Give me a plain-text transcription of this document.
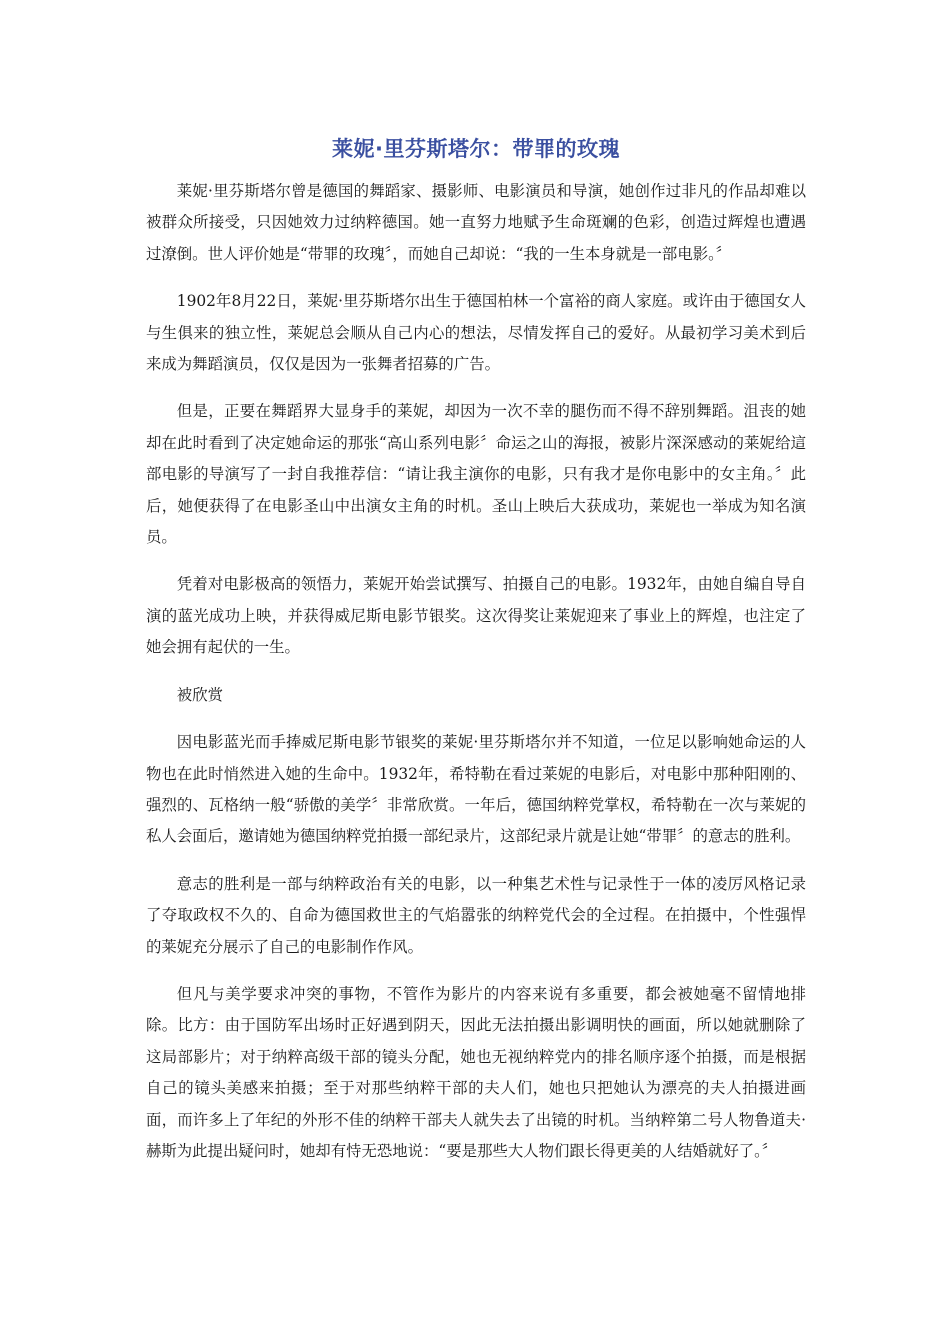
莱妮·里芬斯塔尔：带罪的玫瑰

莱妮·里芬斯塔尔曾是德国的舞蹈家、摄影师、电影演员和导演，她创作过非凡的作品却难以被群众所接受，只因她效力过纳粹德国。她一直努力地赋予生命斑斓的色彩，创造过辉煌也遭遇过潦倒。世人评价她是“带罪的玫瑰〞，而她自己却说：“我的一生本身就是一部电影。〞

1902年8月22日，莱妮·里芬斯塔尔出生于德国柏林一个富裕的商人家庭。或许由于德国女人与生俱来的独立性，莱妮总会顺从自己内心的想法，尽情发挥自己的爱好。从最初学习美术到后来成为舞蹈演员，仅仅是因为一张舞者招募的广告。

但是，正要在舞蹈界大显身手的莱妮，却因为一次不幸的腿伤而不得不辞别舞蹈。沮丧的她却在此时看到了决定她命运的那张“高山系列电影〞命运之山的海报，被影片深深感动的莱妮给這部电影的导演写了一封自我推荐信：“请让我主演你的电影，只有我才是你电影中的女主角。〞此后，她便获得了在电影圣山中出演女主角的时机。圣山上映后大获成功，莱妮也一举成为知名演员。

凭着对电影极高的领悟力，莱妮开始尝试撰写、拍摄自己的电影。1932年，由她自编自导自演的蓝光成功上映，并获得威尼斯电影节银奖。这次得奖让莱妮迎来了事业上的辉煌，也注定了她会拥有起伏的一生。

被欣赏

因电影蓝光而手捧威尼斯电影节银奖的莱妮·里芬斯塔尔并不知道，一位足以影响她命运的人物也在此时悄然进入她的生命中。1932年，希特勒在看过莱妮的电影后，对电影中那种阳刚的、强烈的、瓦格纳一般“骄傲的美学〞非常欣赏。一年后，德国纳粹党掌权，希特勒在一次与莱妮的私人会面后，邀请她为德国纳粹党拍摄一部纪录片，这部纪录片就是让她“带罪〞的意志的胜利。

意志的胜利是一部与纳粹政治有关的电影，以一种集艺术性与记录性于一体的凌厉风格记录了夺取政权不久的、自命为德国救世主的气焰嚣张的纳粹党代会的全过程。在拍摄中，个性强悍的莱妮充分展示了自己的电影制作作风。

但凡与美学要求冲突的事物，不管作为影片的内容来说有多重要，都会被她毫不留情地排除。比方：由于国防军出场时正好遇到阴天，因此无法拍摄出影调明快的画面，所以她就删除了这局部影片；对于纳粹高级干部的镜头分配，她也无视纳粹党内的排名顺序逐个拍摄，而是根据自己的镜头美感来拍摄；至于对那些纳粹干部的夫人们，她也只把她认为漂亮的夫人拍摄进画面，而许多上了年纪的外形不佳的纳粹干部夫人就失去了出镜的时机。当纳粹第二号人物鲁道夫·赫斯为此提出疑问时，她却有恃无恐地说：“要是那些大人物们跟长得更美的人结婚就好了。〞
